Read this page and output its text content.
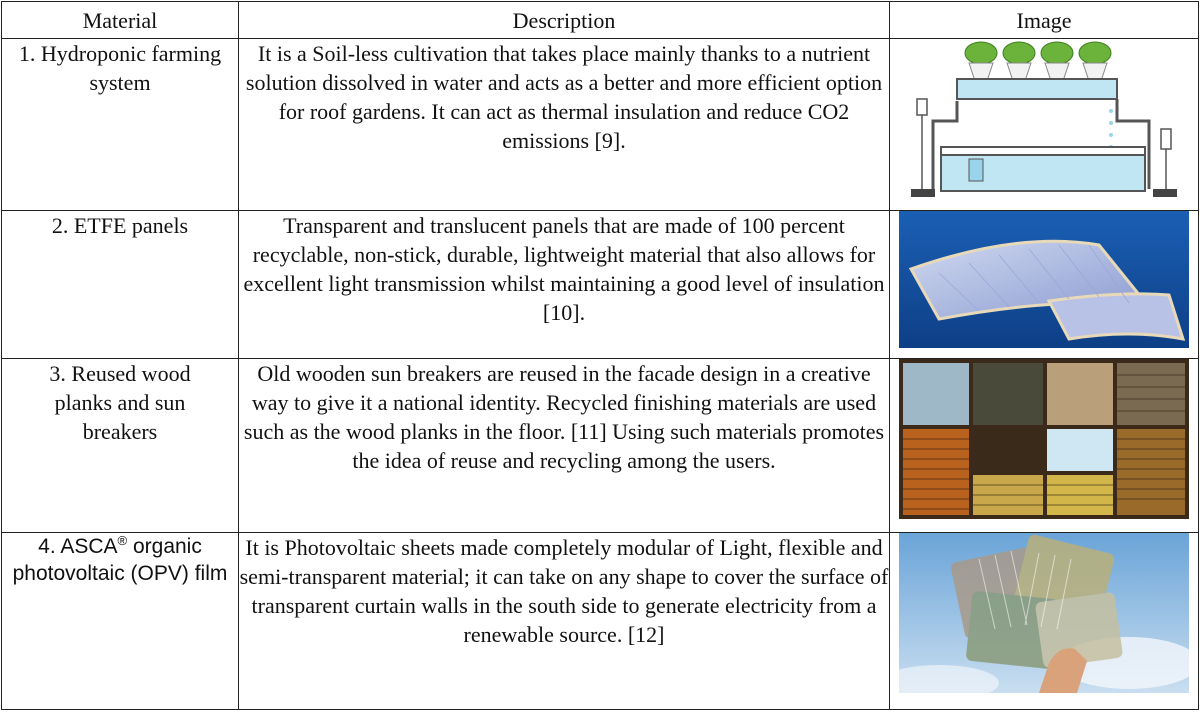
Material	Description	Image

1. Hydroponic farming system	It is a Soil-less cultivation that takes place mainly thanks to a nutrient solution dissolved in water and acts as a better and more efficient option for roof gardens. It can act as thermal insulation and reduce CO2 emissions [9].

2. ETFE panels	Transparent and translucent panels that are made of 100 percent recyclable, non-stick, durable, lightweight material that also allows for excellent light transmission whilst maintaining a good level of insulation [10].

3. Reused wood planks and sun breakers	Old wooden sun breakers are reused in the facade design in a creative way to give it a national identity. Recycled finishing materials are used such as the wood planks in the floor. [11] Using such materials promotes the idea of reuse and recycling among the users.

4. ASCA® organic photovoltaic (OPV) film	It is Photovoltaic sheets made completely modular of Light, flexible and semi-transparent material; it can take on any shape to cover the surface of transparent curtain walls in the south side to generate electricity from a renewable source. [12]
